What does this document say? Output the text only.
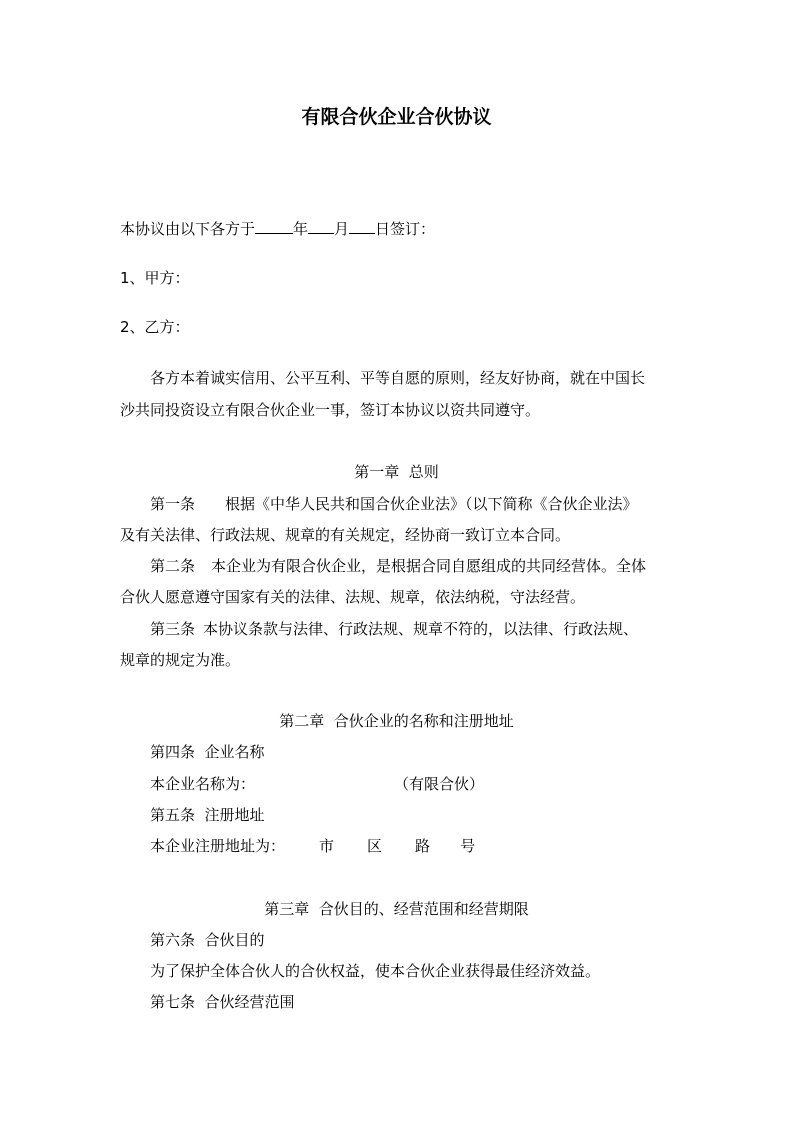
有限合伙企业合伙协议

本协议由以下各方于	年 月 日签订：

1、甲方：

2、乙方：

各方本着诚实信用、公平互利、平等自愿的原则，经友好协商，就在中国长

沙共同投资设立有限合伙企业一事，签订本协议以资共同遵守。

第一章  总则

第一条 根据《中华人民共和国合伙企业法》（以下简称《合伙企业法》

及有关法律、行政法规、规章的有关规定，经协商一致订立本合同。

第二条 本企业为有限合伙企业，是根据合同自愿组成的共同经营体。全体

合伙人愿意遵守国家有关的法律、法规、规章，依法纳税，守法经营。

第三条 本协议条款与法律、行政法规、规章不符的，以法律、行政法规、

规章的规定为准。

第二章  合伙企业的名称和注册地址

第四条  企业名称

本企业名称为：	（有限合伙）

第五条  注册地址

本企业注册地址为： 市 区 路 号

第三章  合伙目的、经营范围和经营期限

第六条  合伙目的

为了保护全体合伙人的合伙权益，使本合伙企业获得最佳经济效益。

第七条  合伙经营范围
